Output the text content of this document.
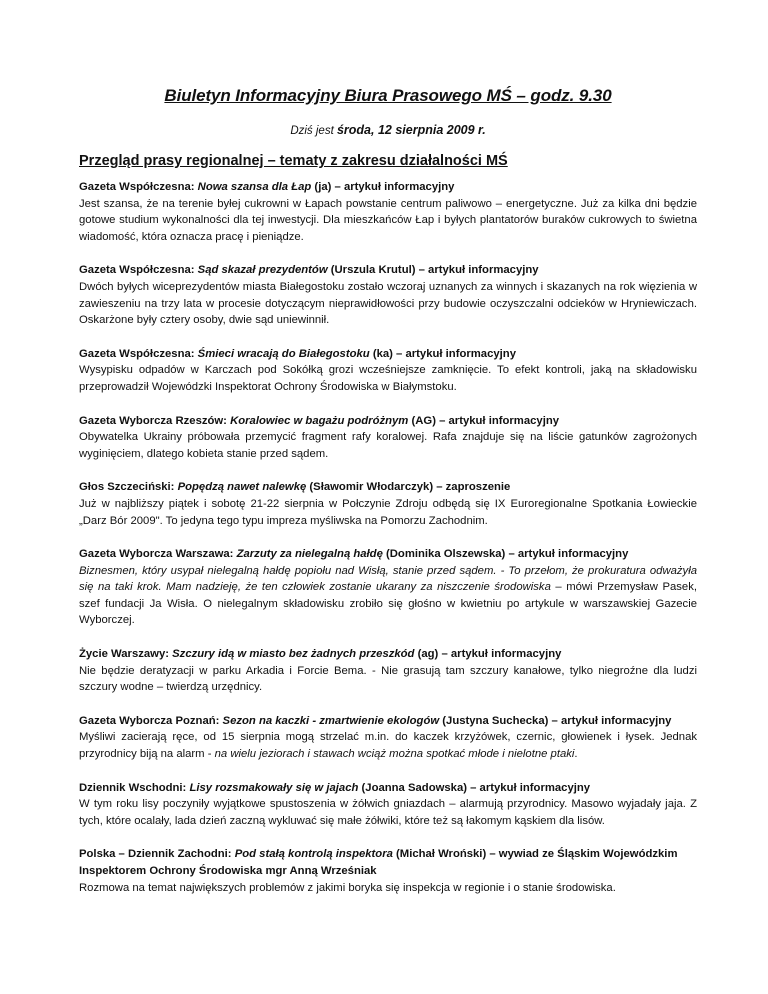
Biuletyn Informacyjny Biura Prasowego MŚ – godz. 9.30
Dziś jest środa, 12 sierpnia 2009 r.
Przegląd prasy regionalnej – tematy z zakresu działalności MŚ
Gazeta Współczesna: Nowa szansa dla Łap (ja) – artykuł informacyjny
Jest szansa, że na terenie byłej cukrowni w Łapach powstanie centrum paliwowo – energetyczne. Już za kilka dni będzie gotowe studium wykonalności dla tej inwestycji. Dla mieszkańców Łap i byłych plantatorów buraków cukrowych to świetna wiadomość, która oznacza pracę i pieniądze.
Gazeta Współczesna: Sąd skazał prezydentów (Urszula Krutul) – artykuł informacyjny
Dwóch byłych wiceprezydentów miasta Białegostoku zostało wczoraj uznanych za winnych i skazanych na rok więzienia w zawieszeniu na trzy lata w procesie dotyczącym nieprawidłowości przy budowie oczyszczalni odcieków w Hryniewiczach. Oskarżone były cztery osoby, dwie sąd uniewinnił.
Gazeta Współczesna: Śmieci wracają do Białegostoku (ka) – artykuł informacyjny
Wysypisku odpadów w Karczach pod Sokółką grozi wcześniejsze zamknięcie. To efekt kontroli, jaką na składowisku przeprowadził Wojewódzki Inspektorat Ochrony Środowiska w Białymstoku.
Gazeta Wyborcza Rzeszów: Koralowiec w bagażu podróżnym (AG) – artykuł informacyjny
Obywatelka Ukrainy próbowała przemycić fragment rafy koralowej. Rafa znajduje się na liście gatunków zagrożonych wyginięciem, dlatego kobieta stanie przed sądem.
Głos Szczeciński: Popędzą nawet nalewkę (Sławomir Włodarczyk) – zaproszenie
Już w najbliższy piątek i sobotę 21-22 sierpnia w Połczynie Zdroju odbędą się IX Euroregionalne Spotkania Łowieckie „Darz Bór 2009". To jedyna tego typu impreza myśliwska na Pomorzu Zachodnim.
Gazeta Wyborcza Warszawa: Zarzuty za nielegalną hałdę (Dominika Olszewska) – artykuł informacyjny
Biznesmen, który usypał nielegalną hałdę popiołu nad Wisłą, stanie przed sądem. - To przełom, że prokuratura odważyła się na taki krok. Mam nadzieję, że ten człowiek zostanie ukarany za niszczenie środowiska – mówi Przemysław Pasek, szef fundacji Ja Wisła. O nielegalnym składowisku zrobiło się głośno w kwietniu po artykule w warszawskiej Gazecie Wyborczej.
Życie Warszawy: Szczury idą w miasto bez żadnych przeszkód (ag) – artykuł informacyjny
Nie będzie deratyzacji w parku Arkadia i Forcie Bema. - Nie grasują tam szczury kanałowe, tylko niegroźne dla ludzi szczury wodne – twierdzą urzędnicy.
Gazeta Wyborcza Poznań: Sezon na kaczki - zmartwienie ekologów (Justyna Suchecka) – artykuł informacyjny
Myśliwi zacierają ręce, od 15 sierpnia mogą strzelać m.in. do kaczek krzyżówek, czernic, głowienek i łysek. Jednak przyrodnicy biją na alarm - na wielu jeziorach i stawach wciąż można spotkać młode i nielotne ptaki.
Dziennik Wschodni: Lisy rozsmakowały się w jajach (Joanna Sadowska) – artykuł informacyjny
W tym roku lisy poczyniły wyjątkowe spustoszenia w żółwich gniazdach – alarmują przyrodnicy. Masowo wyjadały jaja. Z tych, które ocalały, lada dzień zaczną wykluwać się małe żółwiki, które też są łakomym kąskiem dla lisów.
Polska – Dziennik Zachodni: Pod stałą kontrolą inspektora (Michał Wroński) – wywiad ze Śląskim Wojewódzkim Inspektorem Ochrony Środowiska mgr Anną Wrześniak
Rozmowa na temat największych problemów z jakimi boryka się inspekcja w regionie i o stanie środowiska.
